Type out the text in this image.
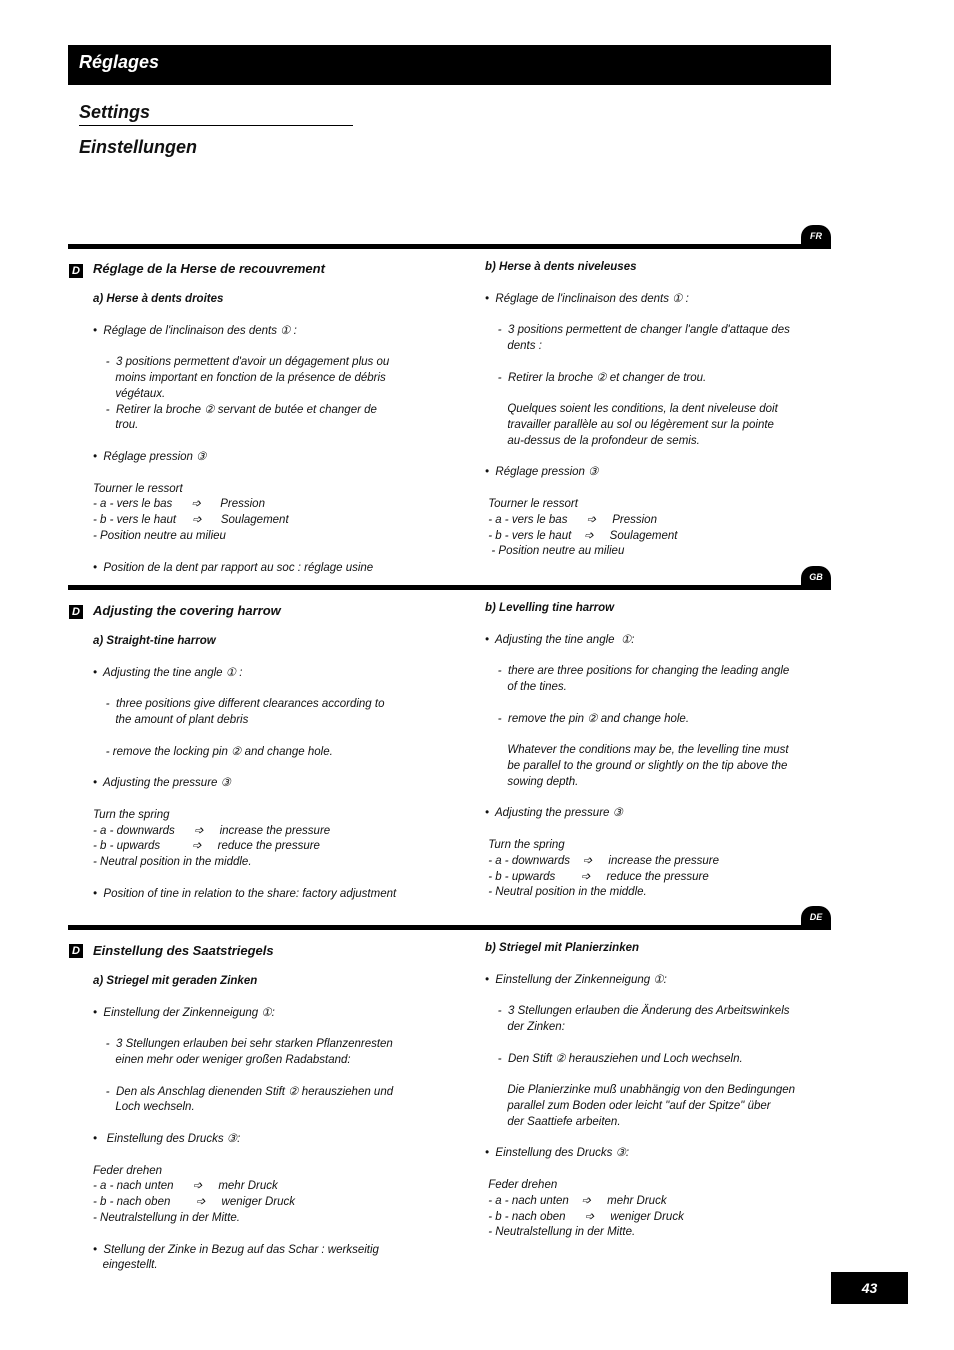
Réglages
Settings
Einstellungen
FR
D Réglage de la Herse de recouvrement
a) Herse à dents droites
•  Réglage de l'inclinaison des dents ① :
-  3 positions permettent d'avoir un dégagement plus ou
moins important en fonction de la présence de débris
végétaux.
-  Retirer la broche ② servant de butée et changer de
trou.
•  Réglage pression ③
Tourner le ressort
- a - vers le bas      ➩      Pression
- b - vers le haut     ➩      Soulagement
- Position neutre au milieu
•  Position de la dent par rapport au soc : réglage usine
b) Herse à dents niveleuses
•  Réglage de l'inclinaison des dents ① :
-  3 positions permettent de changer l'angle d'attaque des
dents :
-  Retirer la broche ② et changer de trou.
Quelques soient les conditions, la dent niveleuse doit
travailler parallèle au sol ou légèrement sur la pointe
au-dessus de la profondeur de semis.
•  Réglage pression ③
Tourner le ressort
- a - vers le bas      ➩     Pression
- b - vers le haut    ➩     Soulagement
- Position neutre au milieu
GB
D Adjusting the covering harrow
a) Straight-tine harrow
•  Adjusting the tine angle ① :
-  three positions give different clearances according to
the amount of plant debris
- remove the locking pin ② and change hole.
•  Adjusting the pressure ③
Turn the spring
- a - downwards      ➩     increase the pressure
- b - upwards          ➩     reduce the pressure
- Neutral position in the middle.
•  Position of tine in relation to the share: factory adjustment
b) Levelling tine harrow
•  Adjusting the tine angle  ①:
-  there are three positions for changing the leading angle
of the tines.
-  remove the pin ② and change hole.
Whatever the conditions may be, the levelling tine must
be parallel to the ground or slightly on the tip above the
sowing depth.
•  Adjusting the pressure ③
Turn the spring
- a - downwards    ➩     increase the pressure
- b - upwards        ➩     reduce the pressure
- Neutral position in the middle.
DE
D Einstellung des Saatstriegels
a) Striegel mit geraden Zinken
•  Einstellung der Zinkenneigung ①:
-  3 Stellungen erlauben bei sehr starken Pflanzenresten
einen mehr oder weniger großen Radabstand:
-  Den als Anschlag dienenden Stift ② herausziehen und
Loch wechseln.
•   Einstellung des Drucks ③:
Feder drehen
- a - nach unten      ➩     mehr Druck
- b - nach oben        ➩     weniger Druck
- Neutralstellung in der Mitte.
•  Stellung der Zinke in Bezug auf das Schar : werkseitig
eingestellt.
b) Striegel mit Planierzinken
•  Einstellung der Zinkenneigung ①:
-  3 Stellungen erlauben die Änderung des Arbeitswinkels
der Zinken:
-  Den Stift ② herausziehen und Loch wechseln.
Die Planierzinke muß unabhängig von den Bedingungen
parallel zum Boden oder leicht "auf der Spitze" über
der Saattiefe arbeiten.
•  Einstellung des Drucks ③:
Feder drehen
- a - nach unten    ➩     mehr Druck
- b - nach oben      ➩     weniger Druck
- Neutralstellung in der Mitte.
43
